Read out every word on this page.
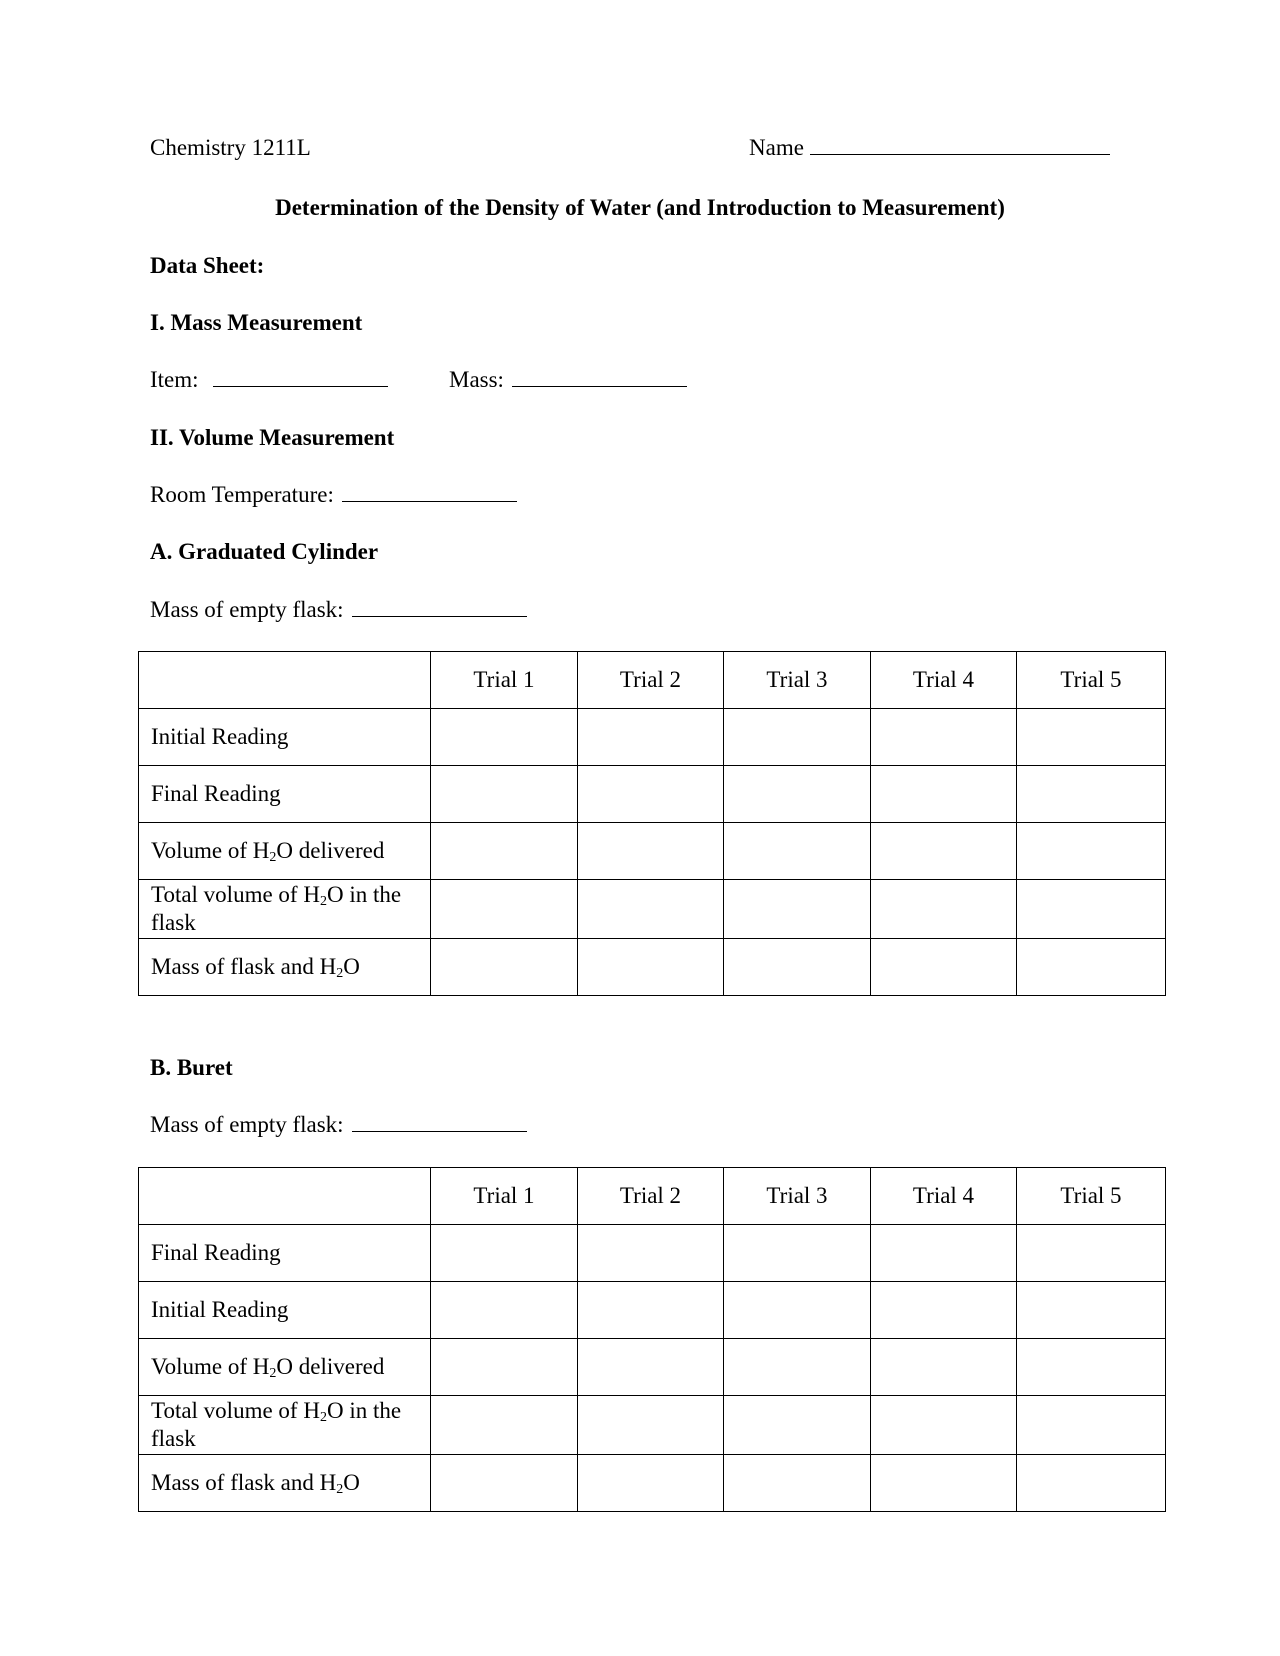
Chemistry 1211L	Name
Determination of the Density of Water (and Introduction to Measurement)
Data Sheet:
I. Mass Measurement
Item:	Mass:
II. Volume Measurement
Room Temperature:
A. Graduated Cylinder
Mass of empty flask:
	Trial 1	Trial 2	Trial 3	Trial 4	Trial 5
Initial Reading					
Final Reading					
Volume of $H_2O$ delivered					
Total volume of $H_2O$ in the flask					
Mass of flask and $H_2O$					
B. Buret
Mass of empty flask:
	Trial 1	Trial 2	Trial 3	Trial 4	Trial 5
Final Reading					
Initial Reading					
Volume of $H_2O$ delivered					
Total volume of $H_2O$ in the flask					
Mass of flask and $H_2O$					
